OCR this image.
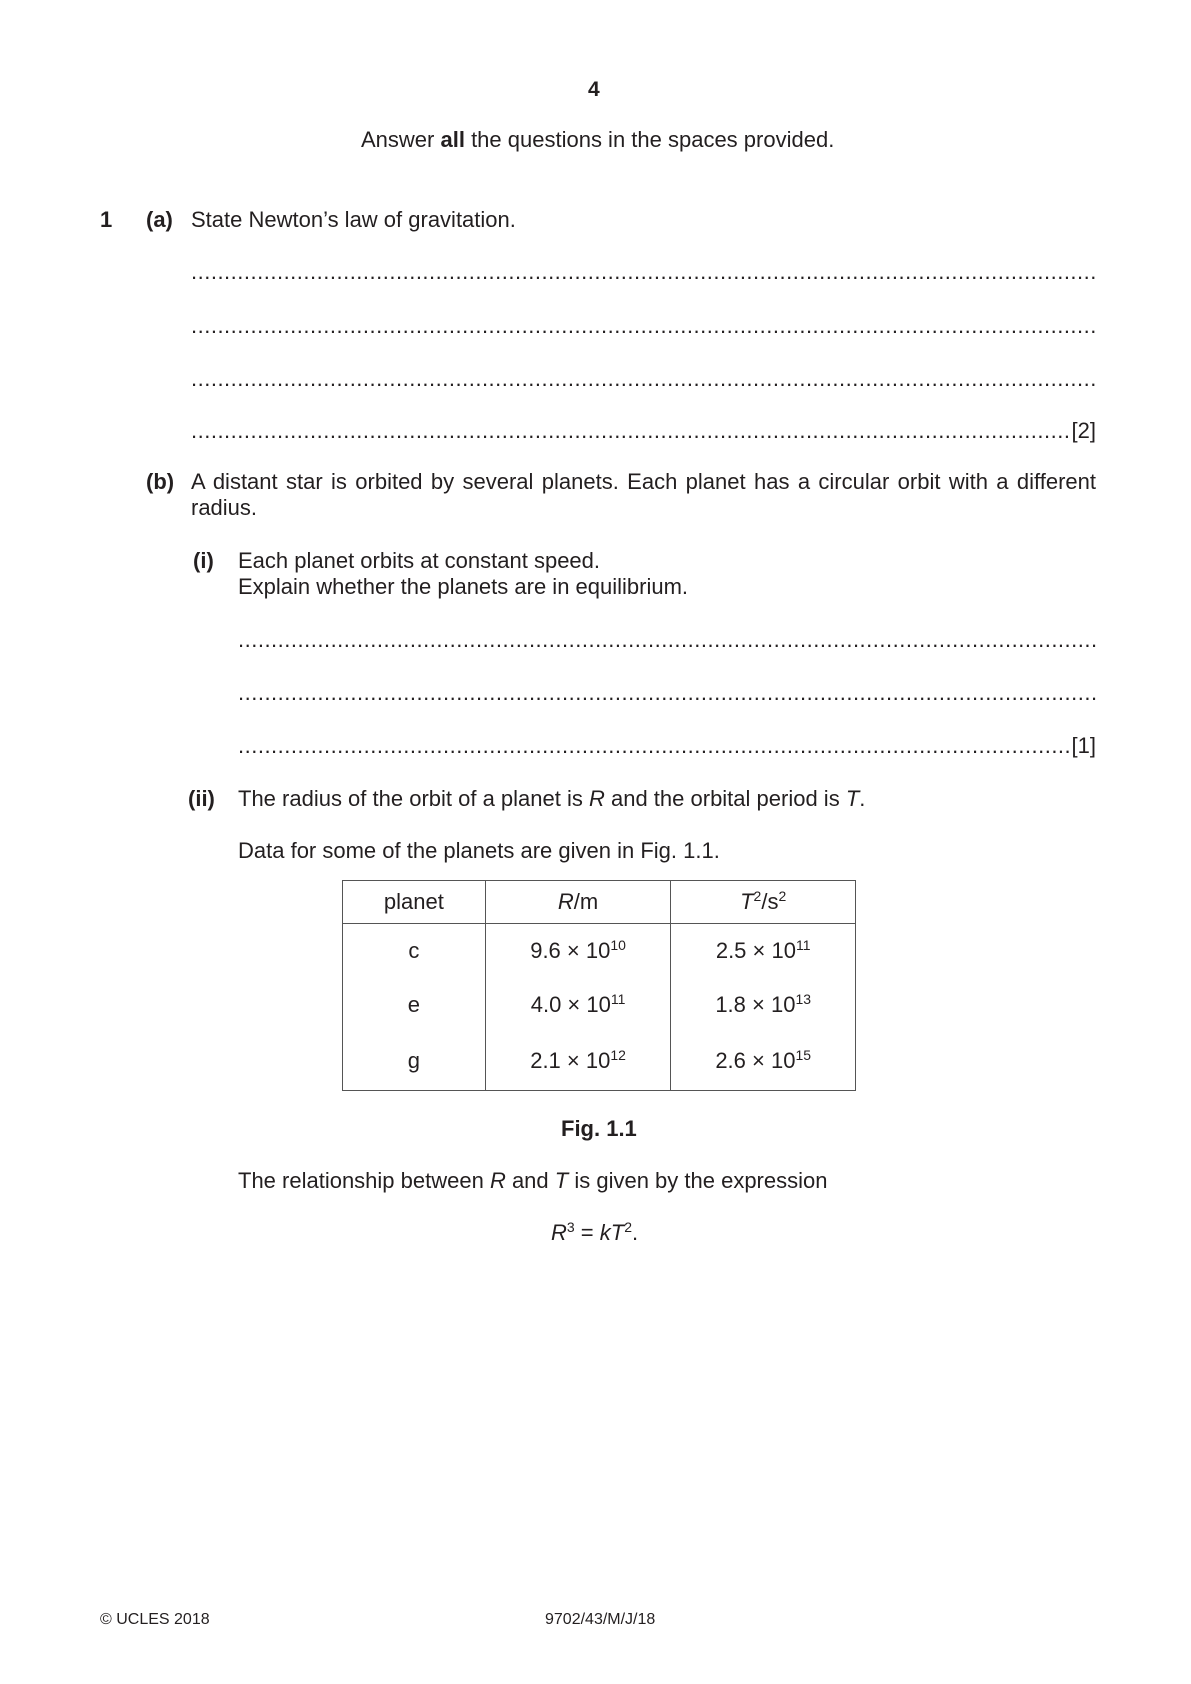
4
Answer all the questions in the spaces provided.
1 (a) State Newton’s law of gravitation.
.....
.....
.....
.....
[2]
(b) A distant star is orbited by several planets. Each planet has a circular orbit with a different
radius.
(i) Each planet orbits at constant speed.
Explain whether the planets are in equilibrium.
.....
.....
.....
[1]
(ii) The radius of the orbit of a planet is R and the orbital period is T.
Data for some of the planets are given in Fig. 1.1.
planet	R/m	$T^2/s^2$
c	$9.6 \times 10^{10}$	$2.5 \times 10^{11}$
e	$4.0 \times 10^{11}$	$1.8 \times 10^{13}$
g	$2.1 \times 10^{12}$	$2.6 \times 10^{15}$
Fig. 1.1
The relationship between R and T is given by the expression
$R^3 = kT^2$.
© UCLES 2018	9702/43/M/J/18
